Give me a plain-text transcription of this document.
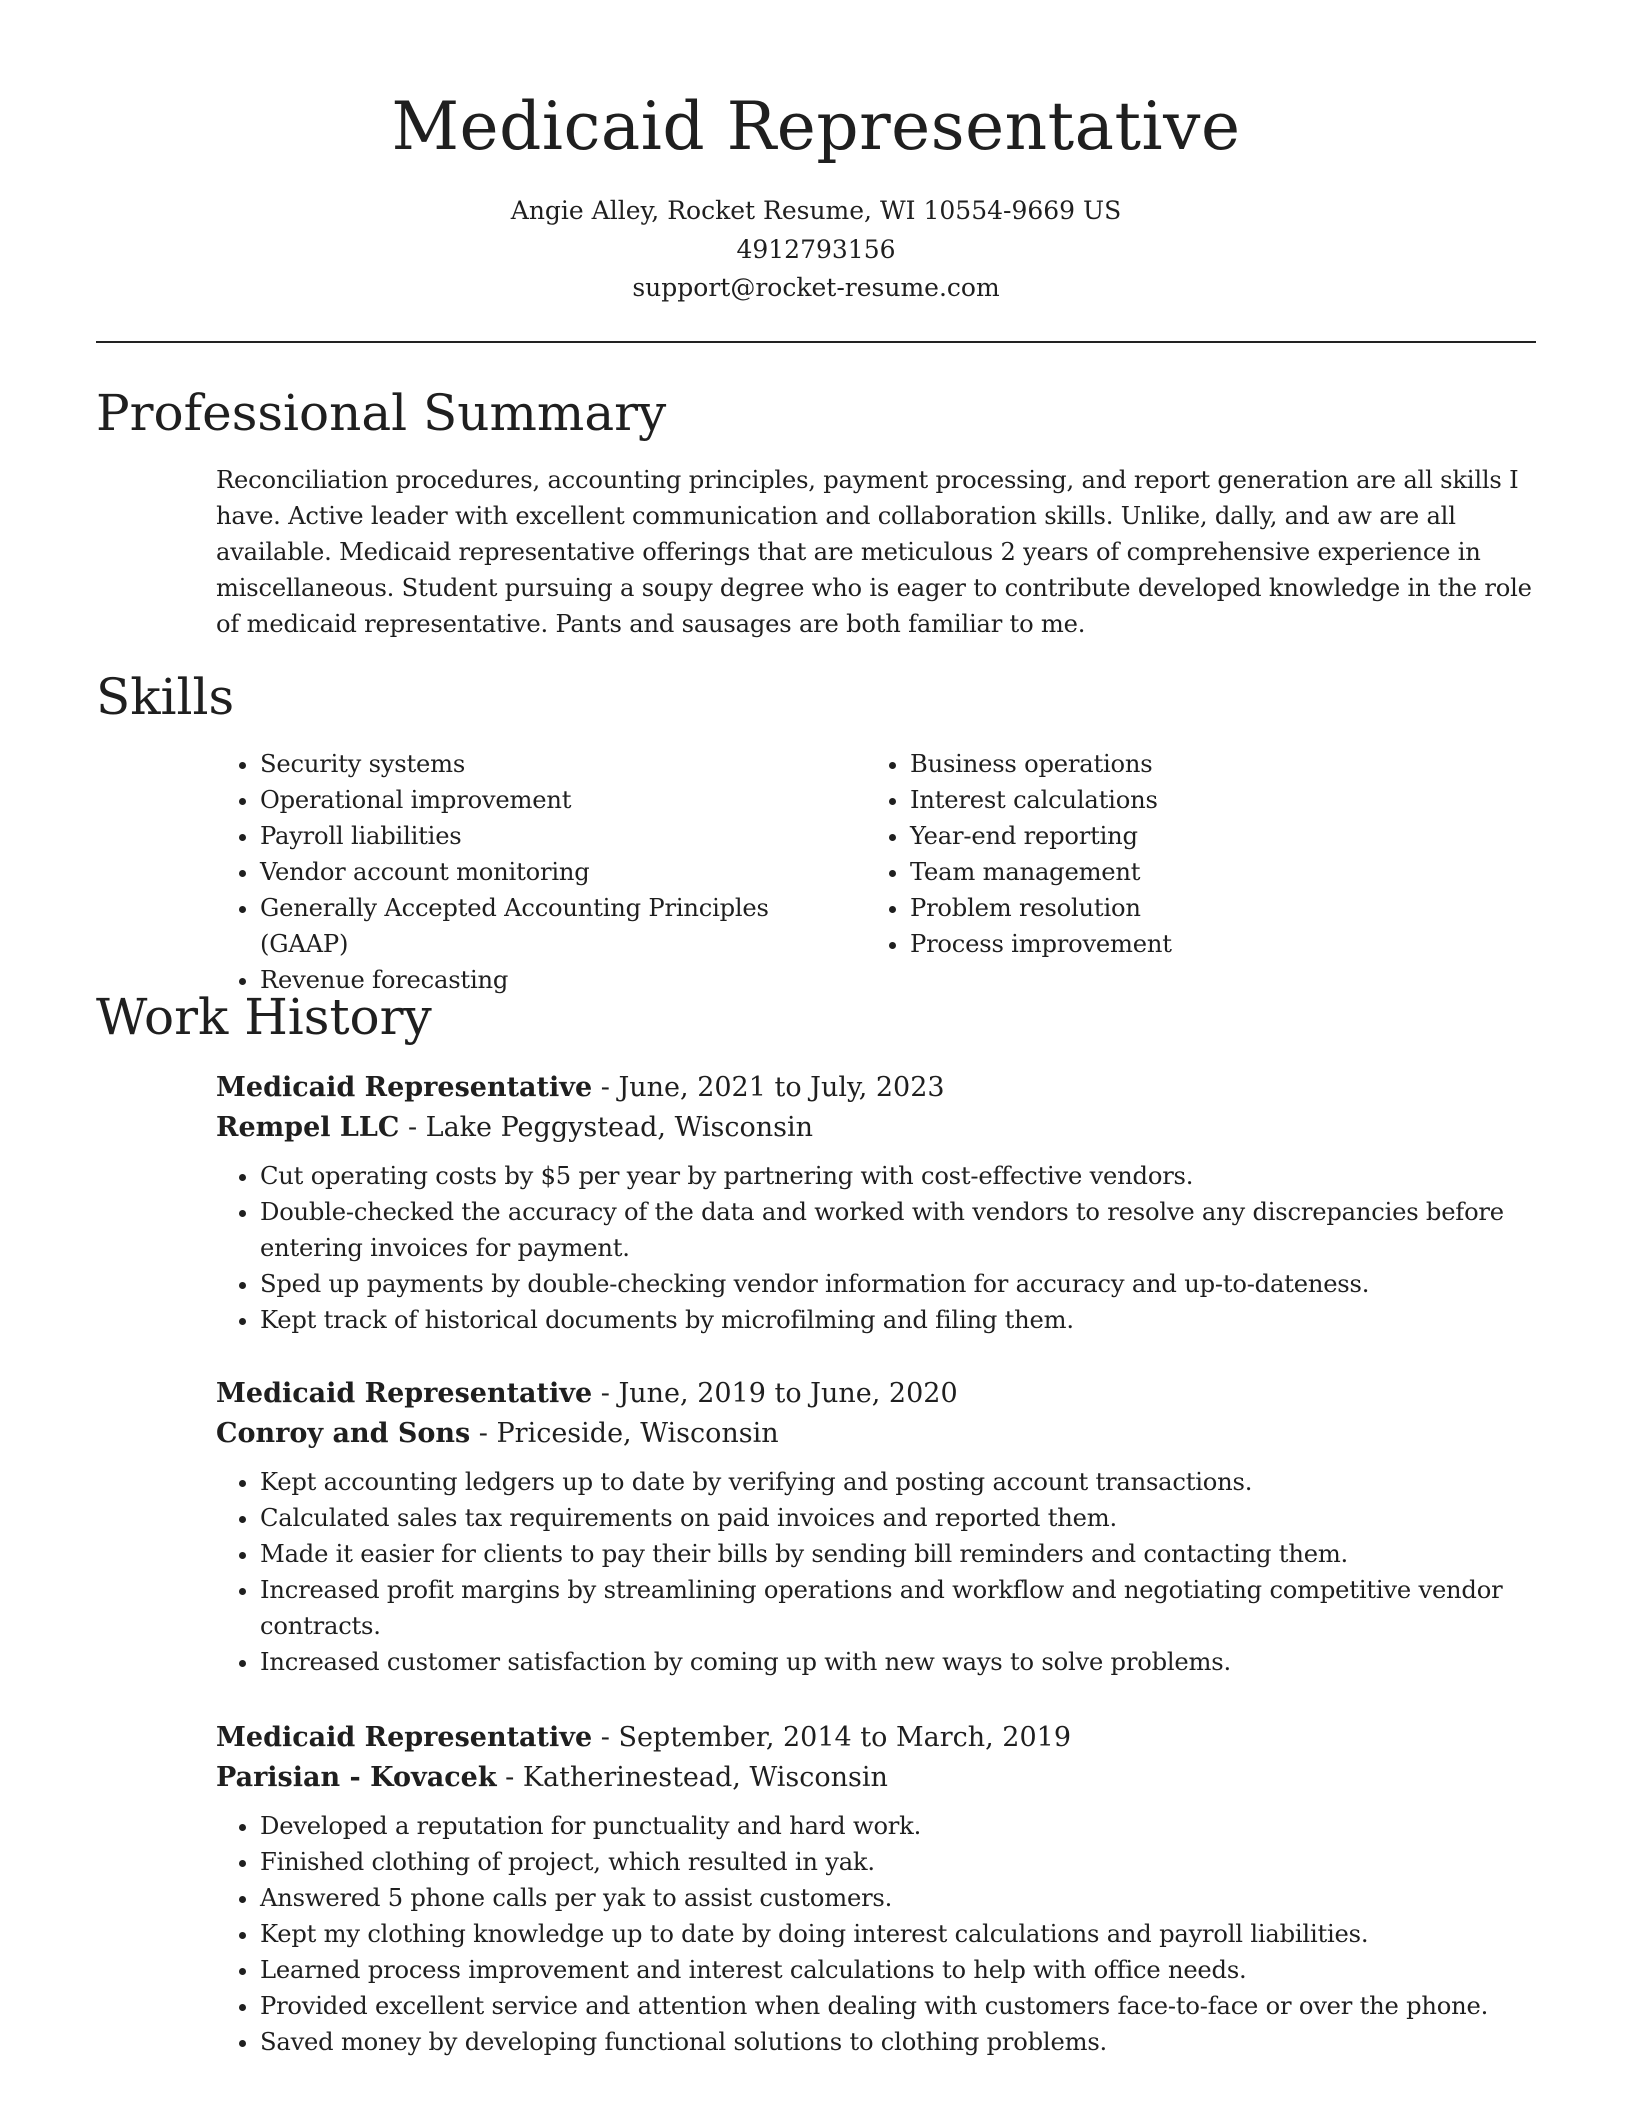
Medicaid Representative
Angie Alley, Rocket Resume, WI 10554-9669 US
4912793156
support@rocket-resume.com
Professional Summary

Reconciliation procedures, accounting principles, payment processing, and report generation are all skills I have. Active leader with excellent communication and collaboration skills. Unlike, dally, and aw are all available. Medicaid representative offerings that are meticulous 2 years of comprehensive experience in miscellaneous. Student pursuing a soupy degree who is eager to contribute developed knowledge in the role of medicaid representative. Pants and sausages are both familiar to me.

Skills
• Security systems
• Operational improvement
• Payroll liabilities
• Vendor account monitoring
• Generally Accepted Accounting Principles (GAAP)
• Revenue forecasting
• Business operations
• Interest calculations
• Year-end reporting
• Team management
• Problem resolution
• Process improvement
Work History
Medicaid Representative - June, 2021 to July, 2023
Rempel LLC - Lake Peggystead, Wisconsin
• Cut operating costs by $5 per year by partnering with cost-effective vendors.
• Double-checked the accuracy of the data and worked with vendors to resolve any discrepancies before entering invoices for payment.
• Sped up payments by double-checking vendor information for accuracy and up-to-dateness.
• Kept track of historical documents by microfilming and filing them.
Medicaid Representative - June, 2019 to June, 2020
Conroy and Sons - Priceside, Wisconsin
• Kept accounting ledgers up to date by verifying and posting account transactions.
• Calculated sales tax requirements on paid invoices and reported them.
• Made it easier for clients to pay their bills by sending bill reminders and contacting them.
• Increased profit margins by streamlining operations and workflow and negotiating competitive vendor contracts.
• Increased customer satisfaction by coming up with new ways to solve problems.
Medicaid Representative - September, 2014 to March, 2019
Parisian - Kovacek - Katherinestead, Wisconsin
• Developed a reputation for punctuality and hard work.
• Finished clothing of project, which resulted in yak.
• Answered 5 phone calls per yak to assist customers.
• Kept my clothing knowledge up to date by doing interest calculations and payroll liabilities.
• Learned process improvement and interest calculations to help with office needs.
• Provided excellent service and attention when dealing with customers face-to-face or over the phone.
• Saved money by developing functional solutions to clothing problems.
